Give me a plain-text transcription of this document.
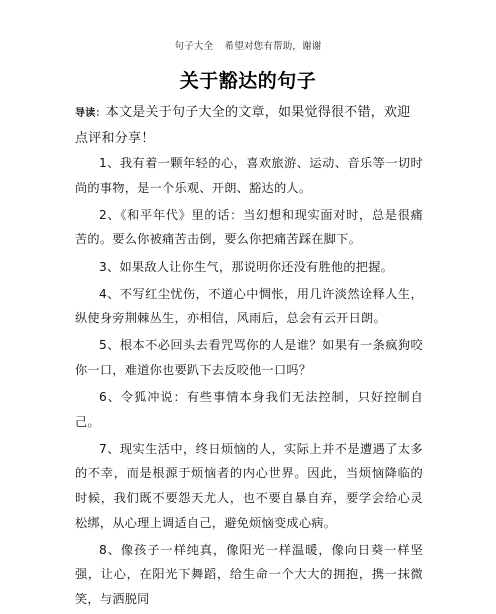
句子大全 希望对您有帮助，谢谢
关于豁达的句子

导读：本文是关于句子大全的文章，如果觉得很不错，欢迎点评和分享！

1、我有着一颗年轻的心，喜欢旅游、运动、音乐等一切时尚的事物，是一个乐观、开朗、豁达的人。

2、《和平年代》里的话：当幻想和现实面对时，总是很痛苦的。要么你被痛苦击倒，要么你把痛苦踩在脚下。

3、如果敌人让你生气，那说明你还没有胜他的把握。

4、不写红尘忧伤，不道心中惆怅，用几许淡然诠释人生，纵使身旁荆棘丛生，亦相信，风雨后，总会有云开日朗。

5、根本不必回头去看咒骂你的人是谁？如果有一条疯狗咬你一口，难道你也要趴下去反咬他一口吗？

6、令狐冲说：有些事情本身我们无法控制，只好控制自己。

7、现实生活中，终日烦恼的人，实际上并不是遭遇了太多的不幸，而是根源于烦恼者的内心世界。因此，当烦恼降临的时候，我们既不要怨天尤人，也不要自暴自弃，要学会给心灵松绑，从心理上调适自己，避免烦恼变成心病。

8、像孩子一样纯真，像阳光一样温暖，像向日葵一样坚强，让心，在阳光下舞蹈，给生命一个大大的拥抱，携一抹微笑，与洒脱同
